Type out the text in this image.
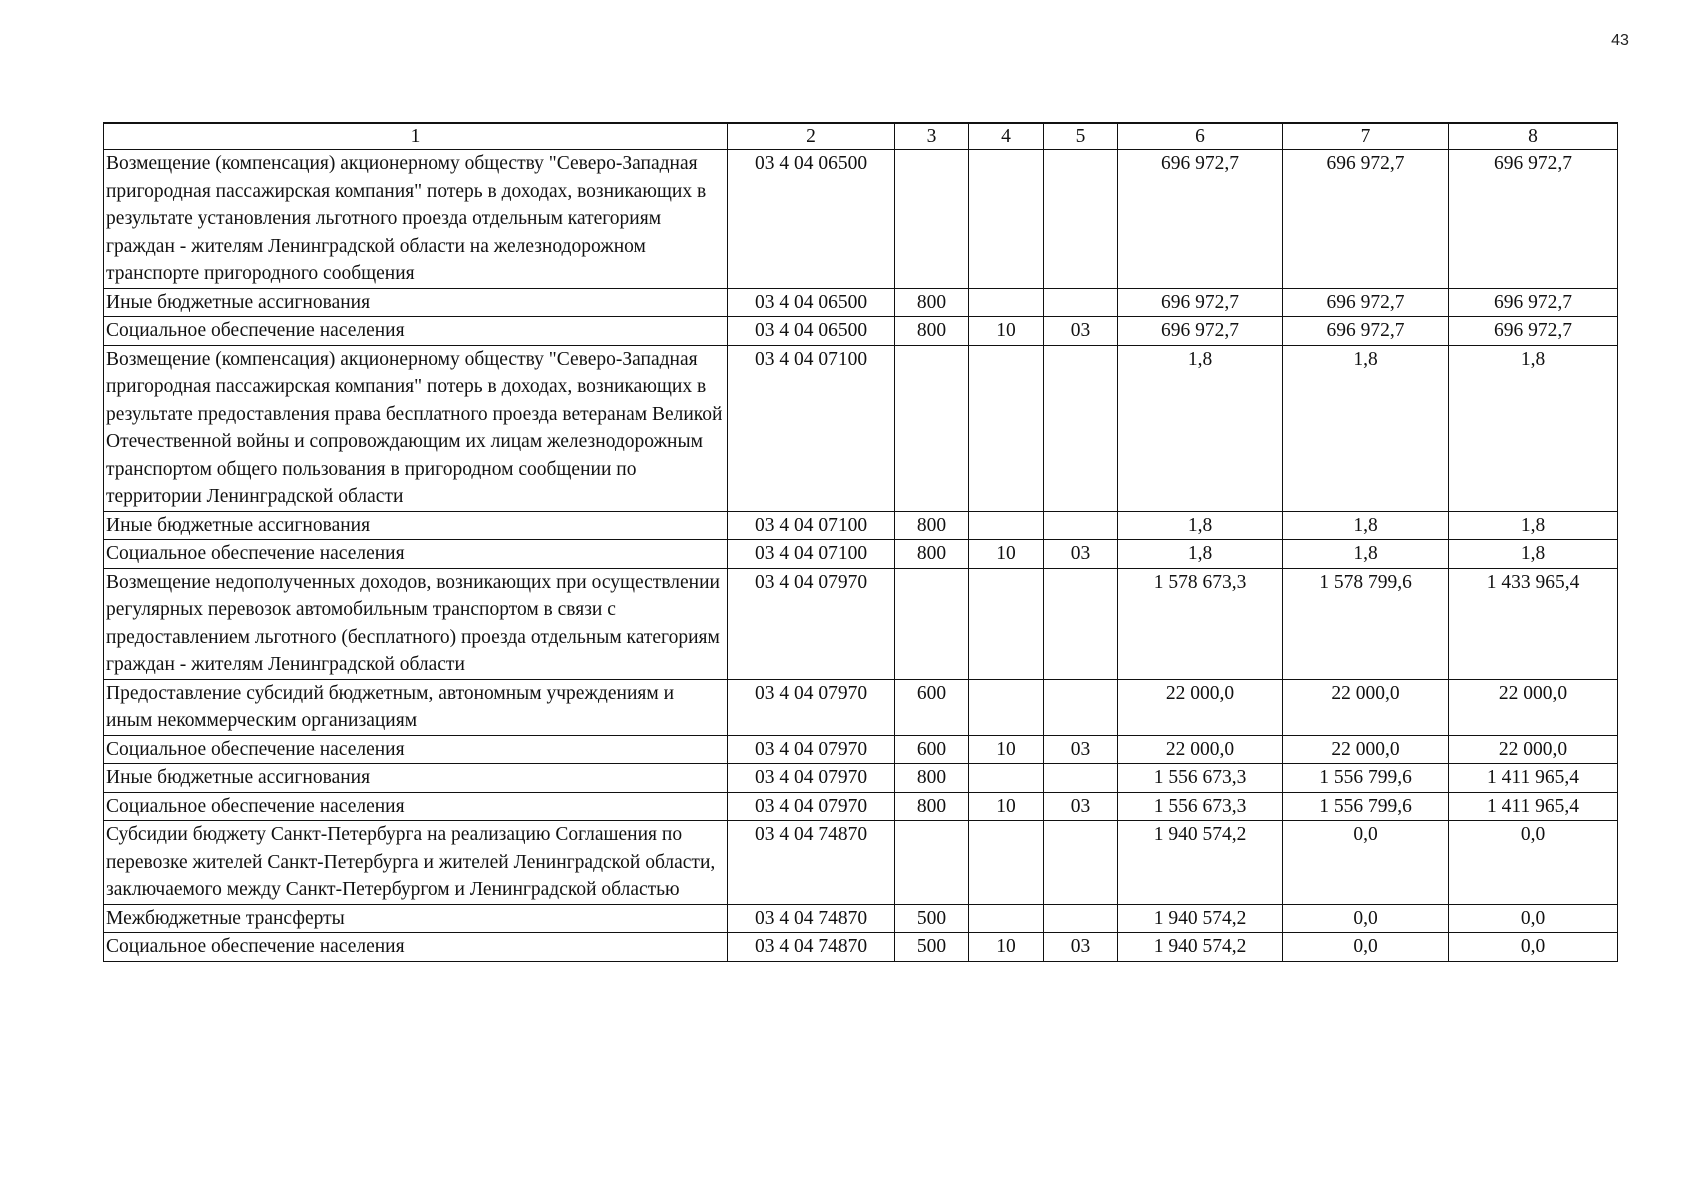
43
1	2	3	4	5	6	7	8
Возмещение (компенсация) акционерному обществу "Северо-Западная пригородная пассажирская компания" потерь в доходах, возникающих в результате установления льготного проезда отдельным категориям граждан - жителям Ленинградской области на железнодорожном транспорте пригородного сообщения	03 4 04 06500				696 972,7	696 972,7	696 972,7
Иные бюджетные ассигнования	03 4 04 06500	800			696 972,7	696 972,7	696 972,7
Социальное обеспечение населения	03 4 04 06500	800	10	03	696 972,7	696 972,7	696 972,7
Возмещение (компенсация) акционерному обществу "Северо-Западная пригородная пассажирская компания" потерь в доходах, возникающих в результате предоставления права бесплатного проезда ветеранам Великой Отечественной войны и сопровождающим их лицам железнодорожным транспортом общего пользования в пригородном сообщении по территории Ленинградской области	03 4 04 07100				1,8	1,8	1,8
Иные бюджетные ассигнования	03 4 04 07100	800			1,8	1,8	1,8
Социальное обеспечение населения	03 4 04 07100	800	10	03	1,8	1,8	1,8
Возмещение недополученных доходов, возникающих при осуществлении регулярных перевозок автомобильным транспортом в связи с предоставлением льготного (бесплатного) проезда отдельным категориям граждан - жителям Ленинградской области	03 4 04 07970				1 578 673,3	1 578 799,6	1 433 965,4
Предоставление субсидий бюджетным, автономным учреждениям и иным некоммерческим организациям	03 4 04 07970	600			22 000,0	22 000,0	22 000,0
Социальное обеспечение населения	03 4 04 07970	600	10	03	22 000,0	22 000,0	22 000,0
Иные бюджетные ассигнования	03 4 04 07970	800			1 556 673,3	1 556 799,6	1 411 965,4
Социальное обеспечение населения	03 4 04 07970	800	10	03	1 556 673,3	1 556 799,6	1 411 965,4
Субсидии бюджету Санкт-Петербурга на реализацию Соглашения по перевозке жителей Санкт-Петербурга и жителей Ленинградской области, заключаемого между Санкт-Петербургом и Ленинградской областью	03 4 04 74870				1 940 574,2	0,0	0,0
Межбюджетные трансферты	03 4 04 74870	500			1 940 574,2	0,0	0,0
Социальное обеспечение населения	03 4 04 74870	500	10	03	1 940 574,2	0,0	0,0
